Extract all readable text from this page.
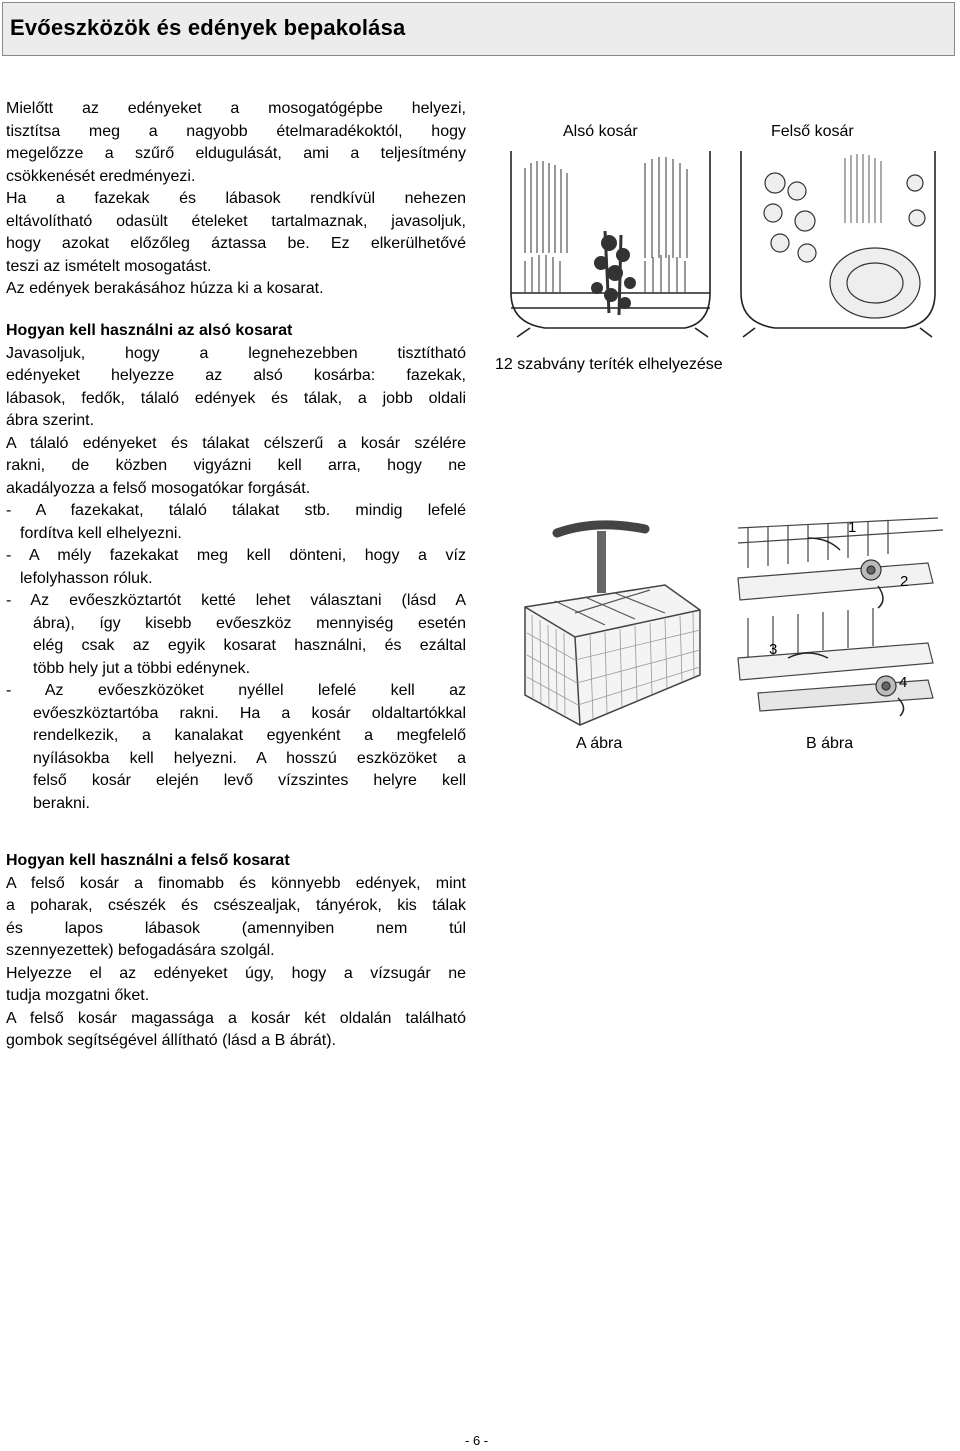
Evőeszközök és edények bepakolása
Mielőtt az edényeket a mosogatógépbe helyezi,
tisztítsa meg a nagyobb ételmaradékoktól, hogy
megelőzze a szűrő eldugulását, ami a teljesítmény
csökkenését eredményezi.
Ha a fazekak és lábasok rendkívül nehezen
eltávolítható odasült ételeket tartalmaznak, javasoljuk,
hogy azokat előzőleg áztassa be. Ez elkerülhetővé
teszi az ismételt mosogatást.
Az edények berakásához húzza ki a kosarat.
Hogyan kell használni az alsó kosarat
Javasoljuk, hogy a legnehezebben tisztítható
edényeket helyezze az alsó kosárba: fazekak,
lábasok, fedők, tálaló edények és tálak, a jobb oldali
ábra szerint.
A tálaló edényeket és tálakat célszerű a kosár szélére
rakni, de közben vigyázni kell arra, hogy ne
akadályozza a felső mosogatókar forgását.
- A fazekakat, tálaló tálakat stb. mindig lefelé
fordítva kell elhelyezni.
- A mély fazekakat meg kell dönteni, hogy a víz
lefolyhasson róluk.
- Az evőeszköztartót ketté lehet választani (lásd A
ábra), így kisebb evőeszköz mennyiség esetén
elég csak az egyik kosarat használni, és ezáltal
több hely jut a többi edénynek.
- Az evőeszközöket nyéllel lefelé kell az
evőeszköztartóba rakni. Ha a kosár oldaltartókkal
rendelkezik, a kanalakat egyenként a megfelelő
nyílásokba kell helyezni. A hosszú eszközöket a
felső kosár elején levő vízszintes helyre kell
berakni.
Hogyan kell használni a felső kosarat
A felső kosár a finomabb és könnyebb edények, mint
a poharak, csészék és csészealjak, tányérok, kis tálak
és lapos lábasok (amennyiben nem túl
szennyezettek) befogadására szolgál.
Helyezze el az edényeket úgy, hogy a vízsugár ne
tudja mozgatni őket.
A felső kosár magassága a kosár két oldalán található
gombok segítségével állítható (lásd a B ábrát).
Alsó kosár	Felső kosár
12 szabvány teríték elhelyezése
1
2
3
4
A ábra	B ábra
- 6 -
